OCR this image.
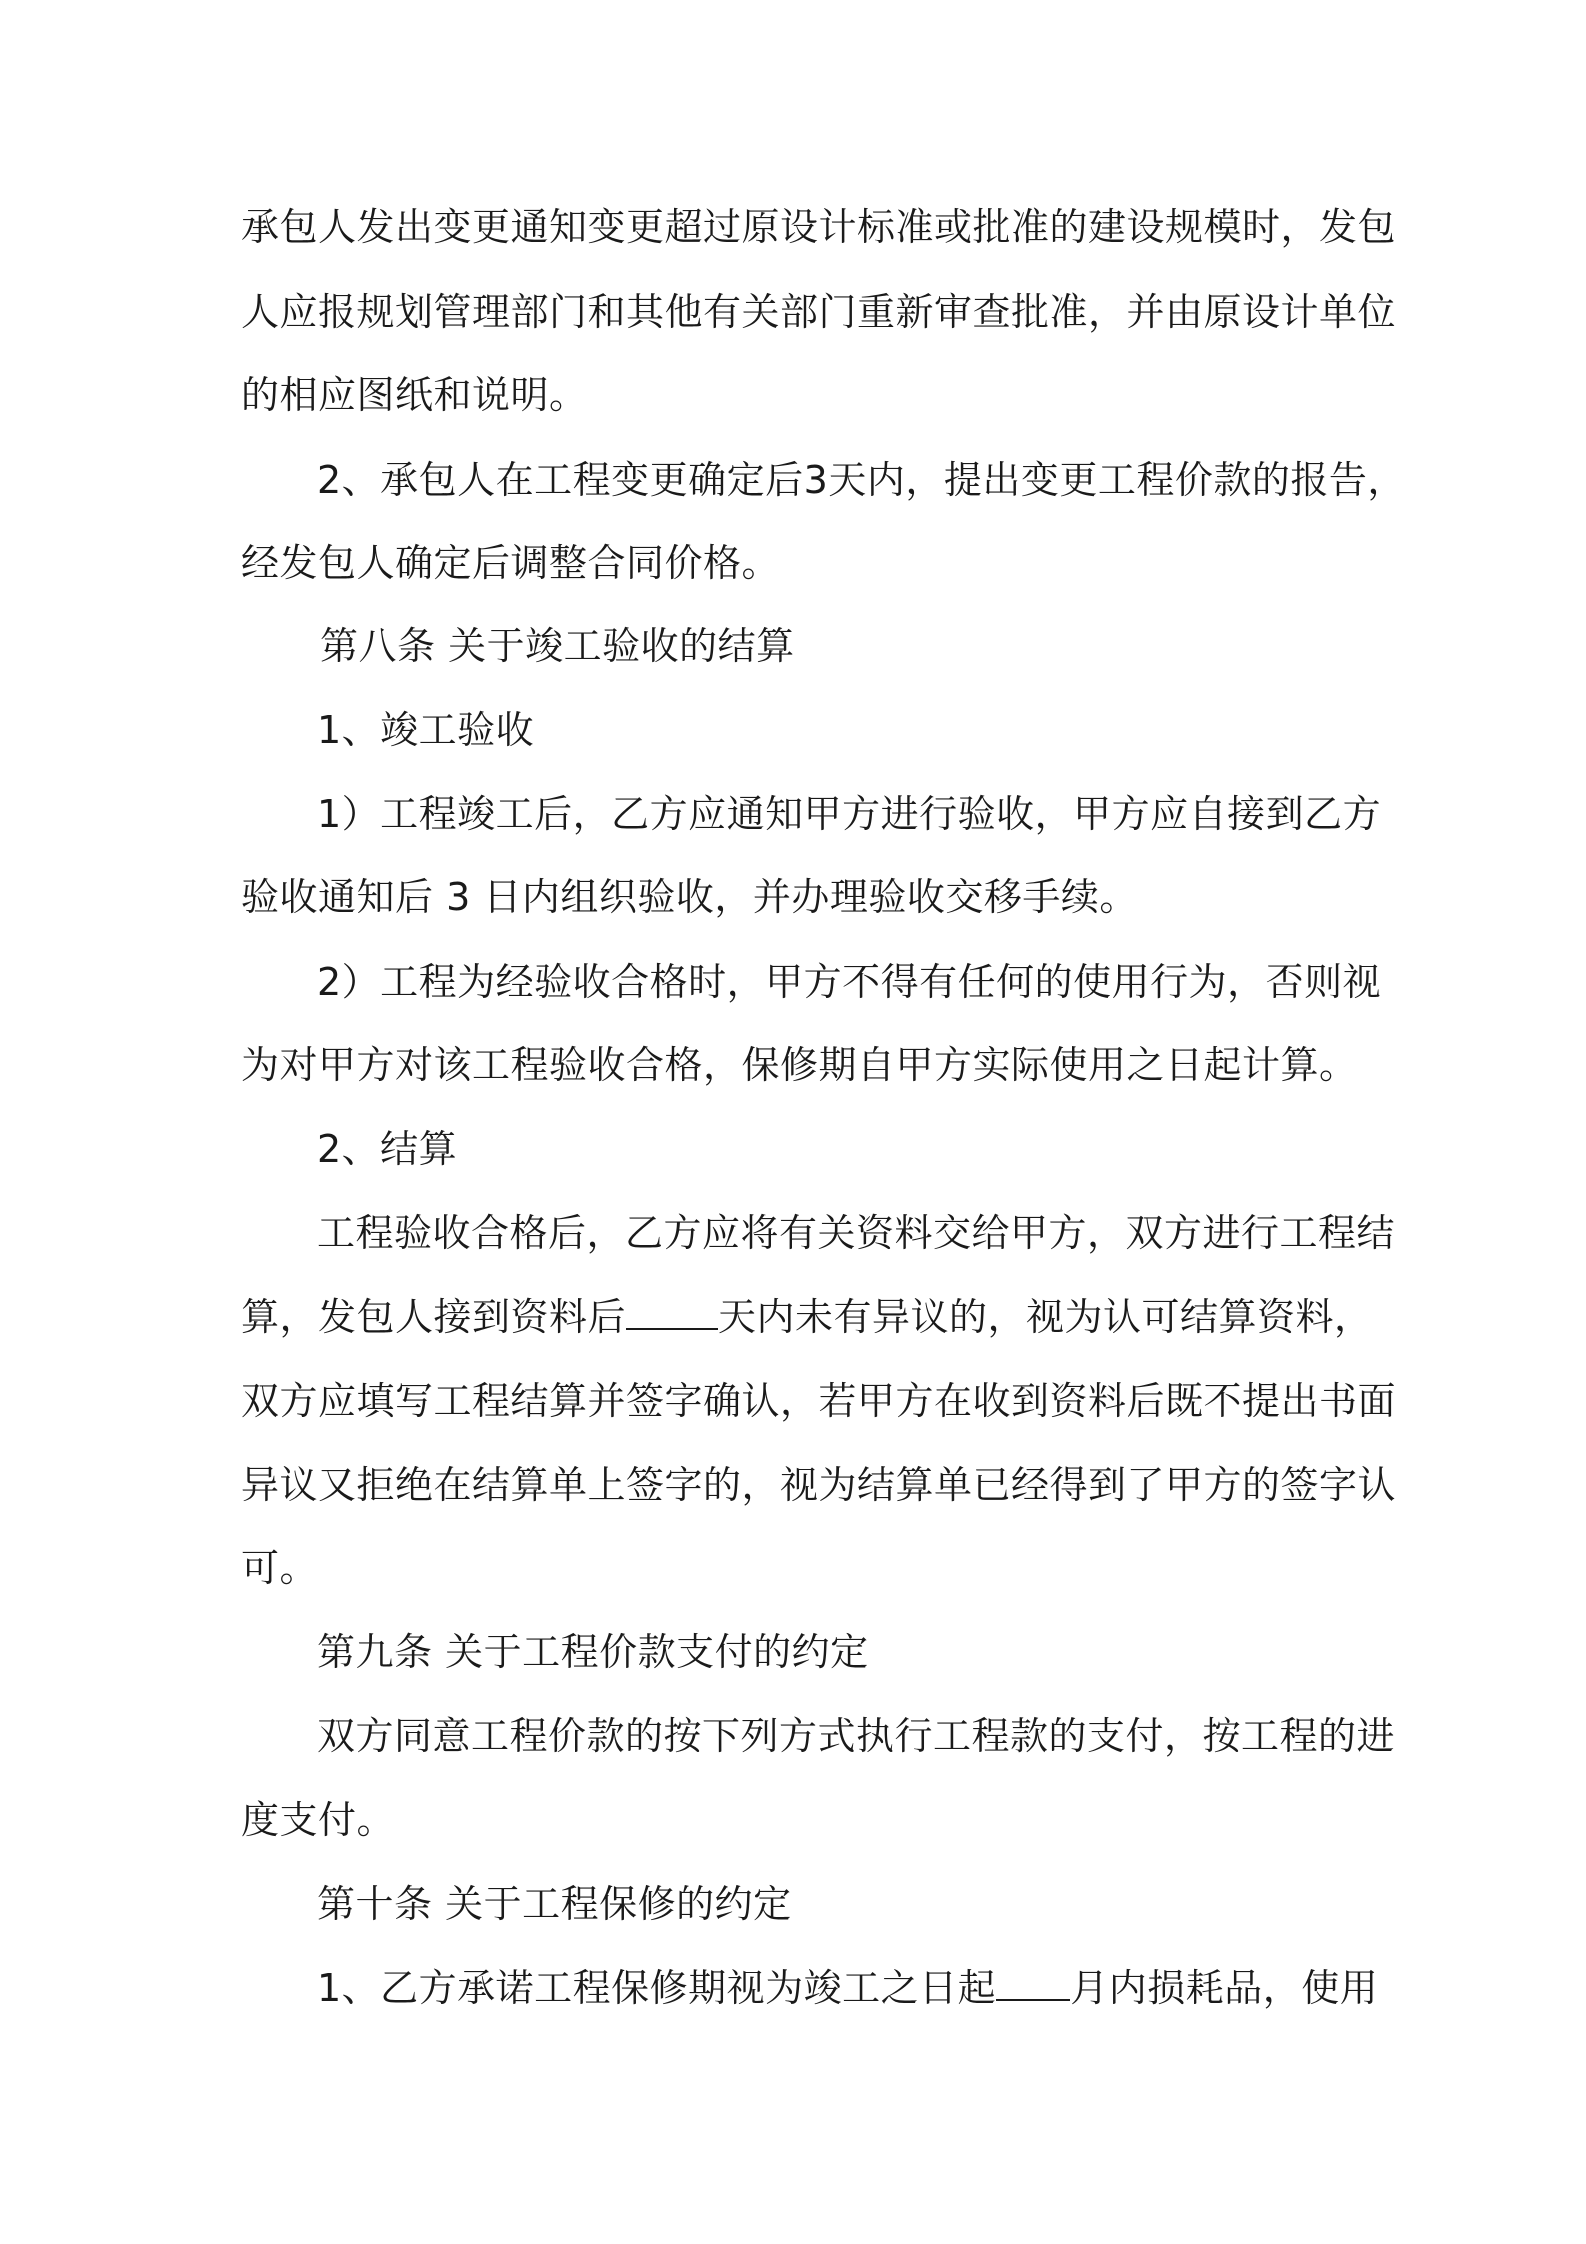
承包人发出变更通知变更超过原设计标准或批准的建设规模时，发包
人应报规划管理部门和其他有关部门重新审查批准，并由原设计单位
的相应图纸和说明。
2、承包人在工程变更确定后3天内，提出变更工程价款的报告，
经发包人确定后调整合同价格。
第八条 关于竣工验收的结算
1、竣工验收
1）工程竣工后，乙方应通知甲方进行验收，甲方应自接到乙方
验收通知后 3 日内组织验收，并办理验收交移手续。
2）工程为经验收合格时，甲方不得有任何的使用行为，否则视
为对甲方对该工程验收合格，保修期自甲方实际使用之日起计算。
2、结算
工程验收合格后，乙方应将有关资料交给甲方，双方进行工程结
算，发包人接到资料后 天内未有异议的，视为认可结算资料，
双方应填写工程结算并签字确认，若甲方在收到资料后既不提出书面
异议又拒绝在结算单上签字的，视为结算单已经得到了甲方的签字认
可。
第九条 关于工程价款支付的约定
双方同意工程价款的按下列方式执行工程款的支付，按工程的进
度支付。
第十条 关于工程保修的约定
1、乙方承诺工程保修期视为竣工之日起 月内损耗品，使用
